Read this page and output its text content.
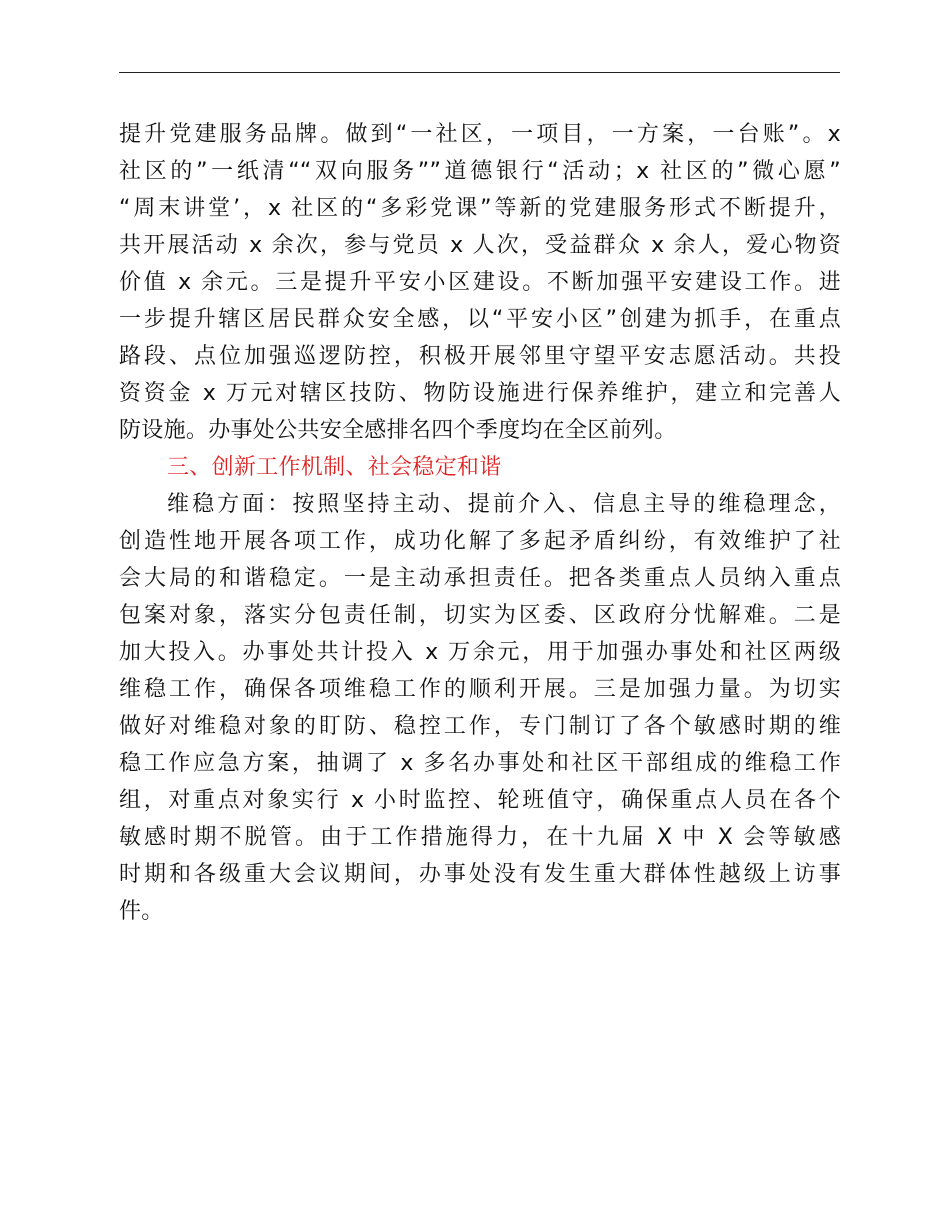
提升党建服务品牌。做到“一社区，一项目，一方案，一台账”。x
社区的”一纸清““双向服务””道德银行“活动；x 社区的”微心愿”
“周末讲堂’，x 社区的“多彩党课”等新的党建服务形式不断提升，
共开展活动 x 余次，参与党员 x 人次，受益群众 x 余人，爱心物资
价值 x 余元。三是提升平安小区建设。不断加强平安建设工作。进
一步提升辖区居民群众安全感，以“平安小区”创建为抓手，在重点
路段、点位加强巡逻防控，积极开展邻里守望平安志愿活动。共投
资资金 x 万元对辖区技防、物防设施进行保养维护，建立和完善人
防设施。办事处公共安全感排名四个季度均在全区前列。
三、创新工作机制、社会稳定和谐
维稳方面：按照坚持主动、提前介入、信息主导的维稳理念，
创造性地开展各项工作，成功化解了多起矛盾纠纷，有效维护了社
会大局的和谐稳定。一是主动承担责任。把各类重点人员纳入重点
包案对象，落实分包责任制，切实为区委、区政府分忧解难。二是
加大投入。办事处共计投入 x 万余元，用于加强办事处和社区两级
维稳工作，确保各项维稳工作的顺利开展。三是加强力量。为切实
做好对维稳对象的盯防、稳控工作，专门制订了各个敏感时期的维
稳工作应急方案，抽调了 x 多名办事处和社区干部组成的维稳工作
组，对重点对象实行 x 小时监控、轮班值守，确保重点人员在各个
敏感时期不脱管。由于工作措施得力，在十九届 X 中 X 会等敏感
时期和各级重大会议期间，办事处没有发生重大群体性越级上访事
件。
